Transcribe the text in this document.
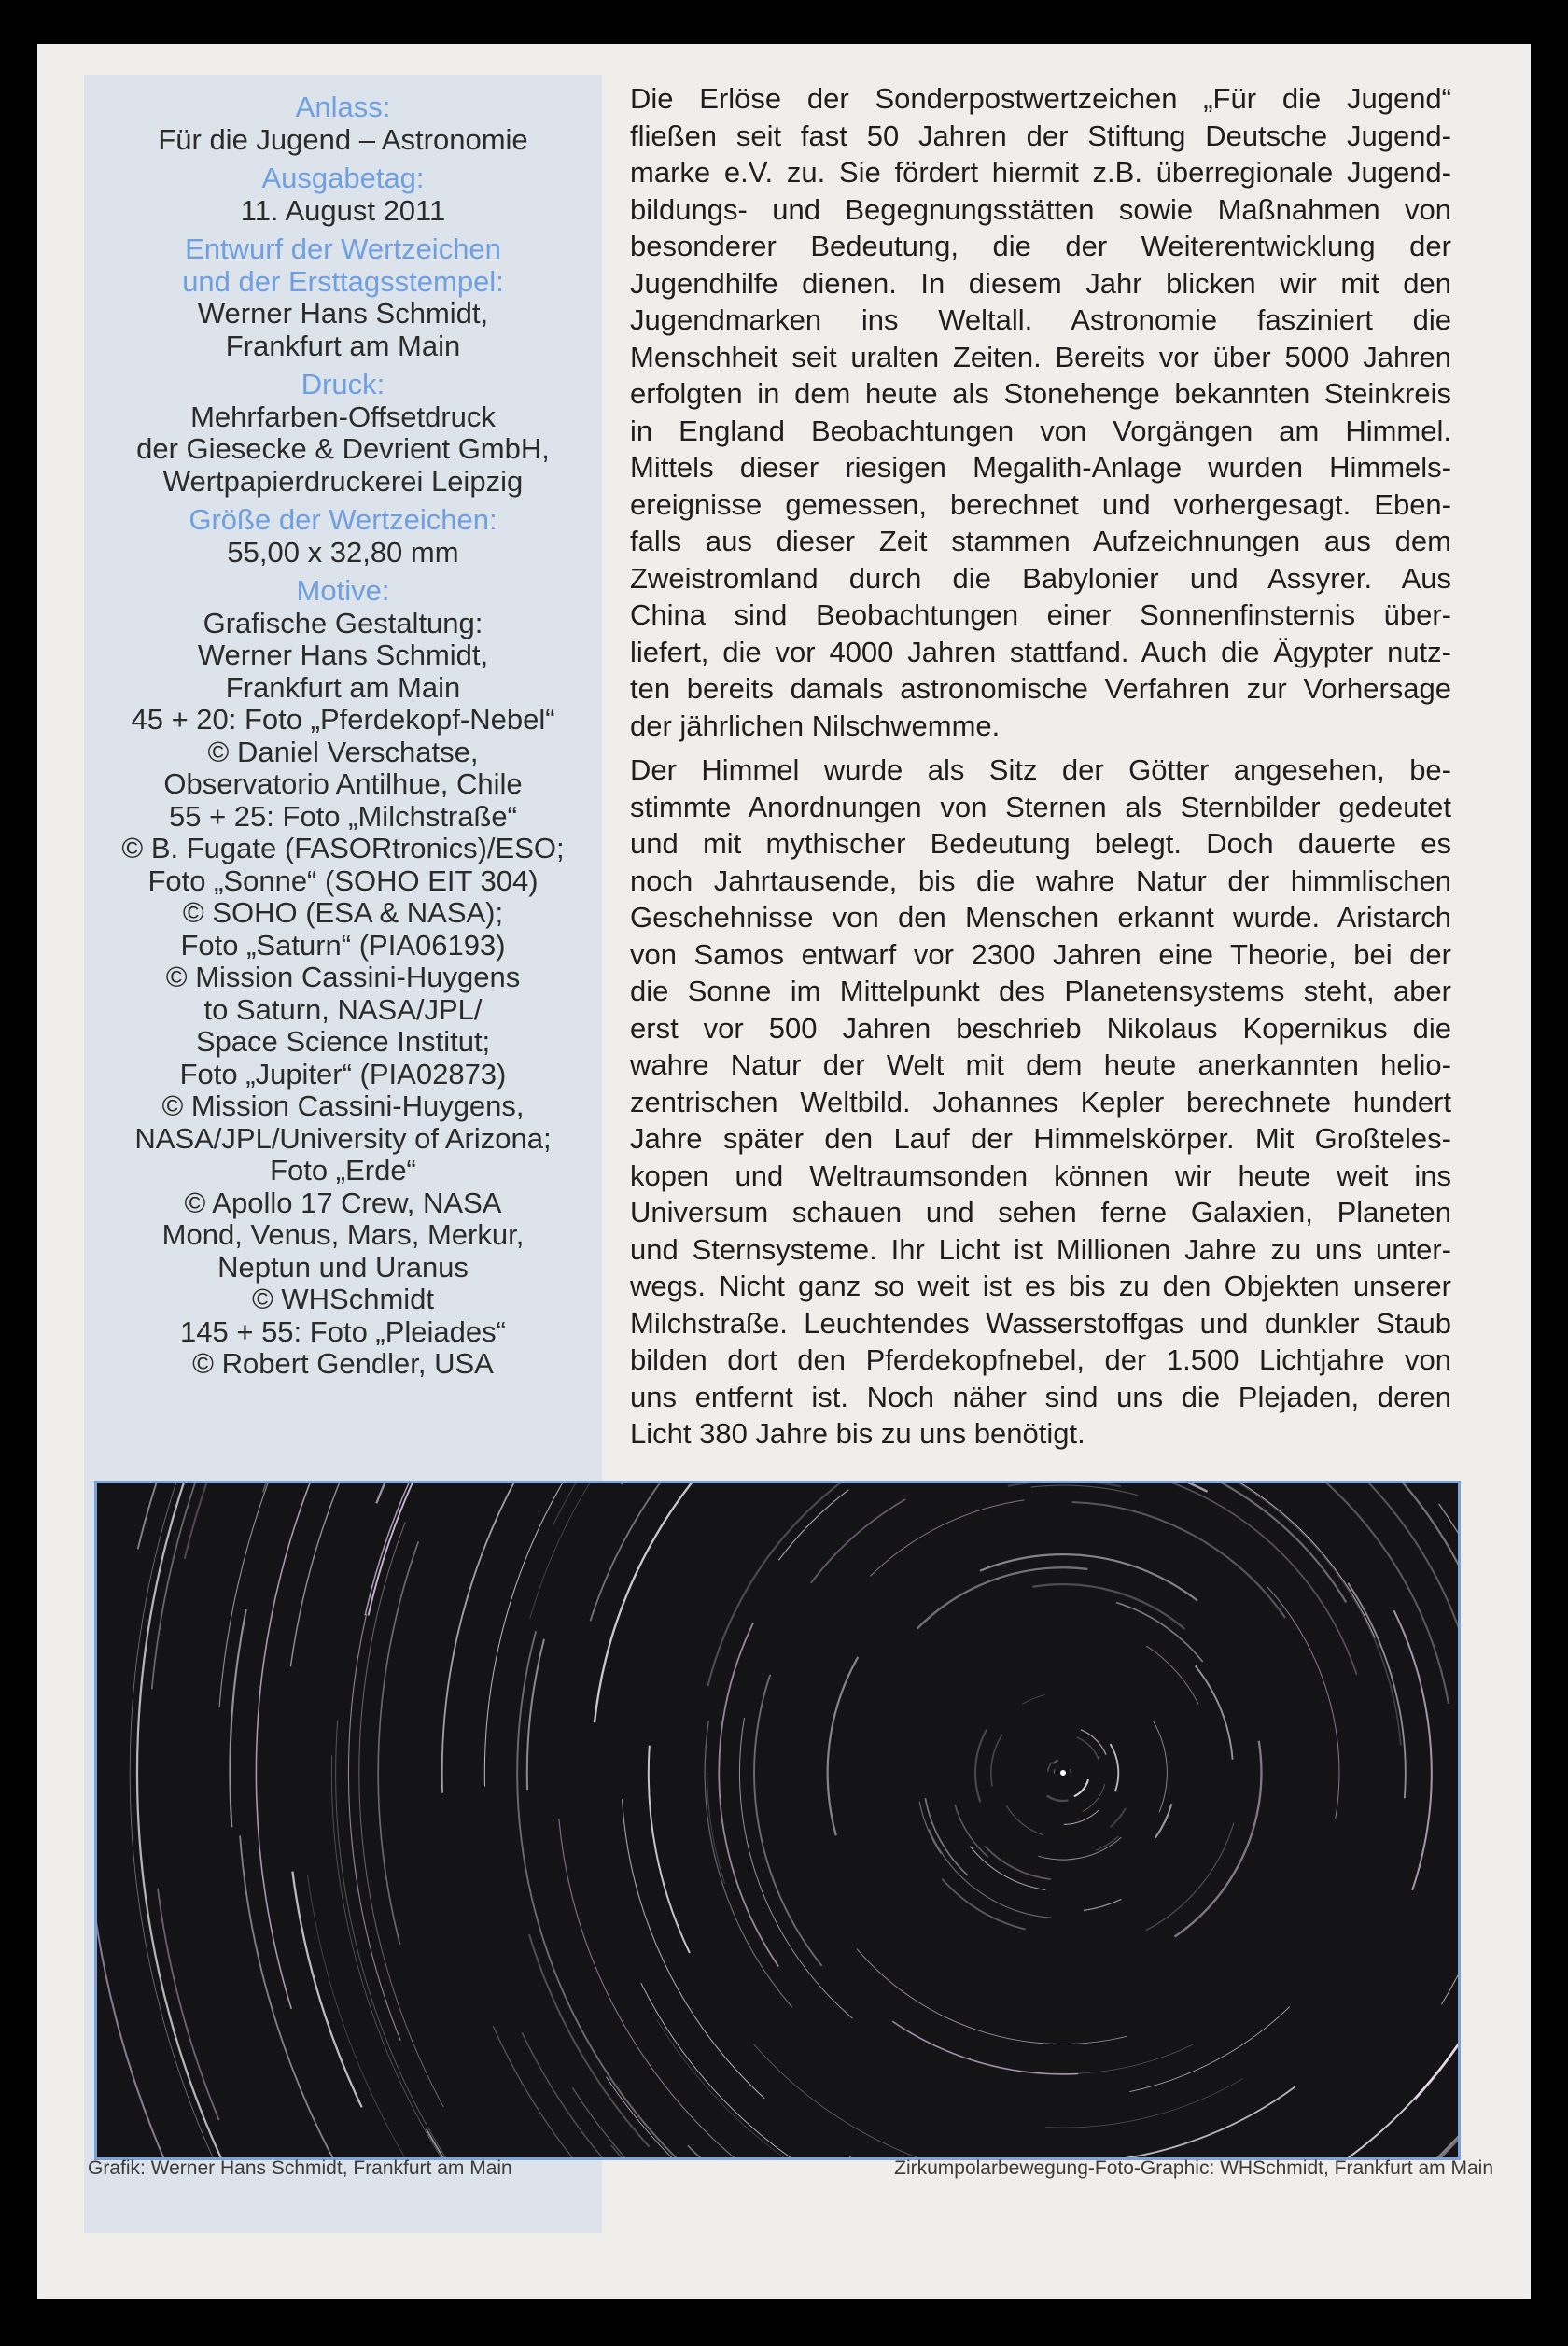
Anlass:
Für die Jugend – Astronomie
Ausgabetag:
11. August 2011
Entwurf der Wertzeichen
und der Ersttagsstempel:
Werner Hans Schmidt,
Frankfurt am Main
Druck:
Mehrfarben-Offsetdruck
der Giesecke & Devrient GmbH,
Wertpapierdruckerei Leipzig
Größe der Wertzeichen:
55,00 x 32,80 mm
Motive:
Grafische Gestaltung:
Werner Hans Schmidt,
Frankfurt am Main
45 + 20: Foto „Pferdekopf-Nebel“
© Daniel Verschatse,
Observatorio Antilhue, Chile
55 + 25: Foto „Milchstraße“
© B. Fugate (FASORtronics)/ESO;
Foto „Sonne“ (SOHO EIT 304)
© SOHO (ESA & NASA);
Foto „Saturn“ (PIA06193)
© Mission Cassini-Huygens
to Saturn, NASA/JPL/
Space Science Institut;
Foto „Jupiter“ (PIA02873)
© Mission Cassini-Huygens,
NASA/JPL/University of Arizona;
Foto „Erde“
© Apollo 17 Crew, NASA
Mond, Venus, Mars, Merkur,
Neptun und Uranus
© WHSchmidt
145 + 55: Foto „Pleiades“
© Robert Gendler, USA

Die Erlöse der Sonderpostwertzeichen „Für die Jugend“
fließen seit fast 50 Jahren der Stiftung Deutsche Jugend-
marke e.V. zu. Sie fördert hiermit z.B. überregionale Jugend-
bildungs- und Begegnungsstätten sowie Maßnahmen von
besonderer Bedeutung, die der Weiterentwicklung der
Jugendhilfe dienen. In diesem Jahr blicken wir mit den
Jugendmarken ins Weltall. Astronomie fasziniert die
Menschheit seit uralten Zeiten. Bereits vor über 5000 Jahren
erfolgten in dem heute als Stonehenge bekannten Steinkreis
in England Beobachtungen von Vorgängen am Himmel.
Mittels dieser riesigen Megalith-Anlage wurden Himmels-
ereignisse gemessen, berechnet und vorhergesagt. Eben-
falls aus dieser Zeit stammen Aufzeichnungen aus dem
Zweistromland durch die Babylonier und Assyrer. Aus
China sind Beobachtungen einer Sonnenfinsternis über-
liefert, die vor 4000 Jahren stattfand. Auch die Ägypter nutz-
ten bereits damals astronomische Verfahren zur Vorhersage
der jährlichen Nilschwemme.

Der Himmel wurde als Sitz der Götter angesehen, be-
stimmte Anordnungen von Sternen als Sternbilder gedeutet
und mit mythischer Bedeutung belegt. Doch dauerte es
noch Jahrtausende, bis die wahre Natur der himmlischen
Geschehnisse von den Menschen erkannt wurde. Aristarch
von Samos entwarf vor 2300 Jahren eine Theorie, bei der
die Sonne im Mittelpunkt des Planetensystems steht, aber
erst vor 500 Jahren beschrieb Nikolaus Kopernikus die
wahre Natur der Welt mit dem heute anerkannten helio-
zentrischen Weltbild. Johannes Kepler berechnete hundert
Jahre später den Lauf der Himmelskörper. Mit Großteles-
kopen und Weltraumsonden können wir heute weit ins
Universum schauen und sehen ferne Galaxien, Planeten
und Sternsysteme. Ihr Licht ist Millionen Jahre zu uns unter-
wegs. Nicht ganz so weit ist es bis zu den Objekten unserer
Milchstraße. Leuchtendes Wasserstoffgas und dunkler Staub
bilden dort den Pferdekopfnebel, der 1.500 Lichtjahre von
uns entfernt ist. Noch näher sind uns die Plejaden, deren
Licht 380 Jahre bis zu uns benötigt.

Grafik: Werner Hans Schmidt, Frankfurt am Main	Zirkumpolarbewegung-Foto-Graphic: WHSchmidt, Frankfurt am Main
